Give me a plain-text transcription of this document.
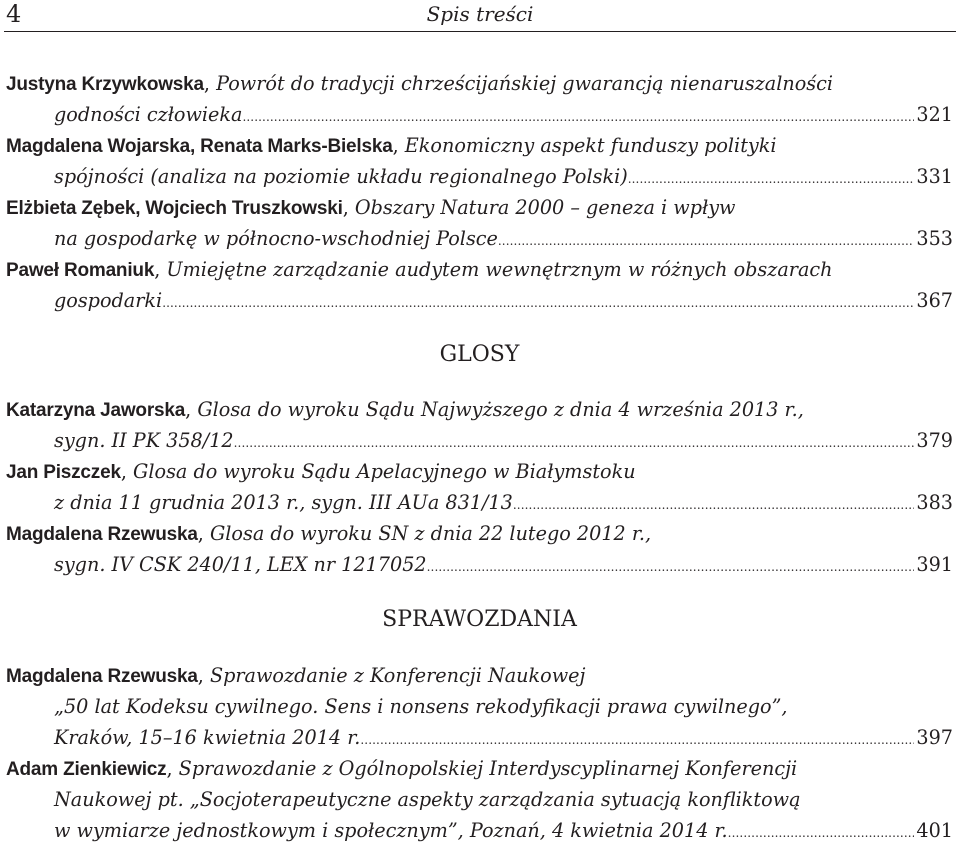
4	Spis treści
Justyna Krzywkowska, Powrót do tradycji chrześcijańskiej gwarancją nienaruszalności
godności człowieka .....	321
Magdalena Wojarska, Renata Marks-Bielska, Ekonomiczny aspekt funduszy polityki
spójności (analiza na poziomie układu regionalnego Polski) .....	331
Elżbieta Zębek, Wojciech Truszkowski, Obszary Natura 2000 – geneza i wpływ
na gospodarkę w północno-wschodniej Polsce .....	353
Paweł Romaniuk, Umiejętne zarządzanie audytem wewnętrznym w różnych obszarach
gospodarki .....	367
GLOSY
Katarzyna Jaworska, Glosa do wyroku Sądu Najwyższego z dnia 4 września 2013 r.,
sygn. II PK 358/12 .....	379
Jan Piszczek, Glosa do wyroku Sądu Apelacyjnego w Białymstoku
z dnia 11 grudnia 2013 r., sygn. III AUa 831/13 .....	383
Magdalena Rzewuska, Glosa do wyroku SN z dnia 22 lutego 2012 r.,
sygn. IV CSK 240/11, LEX nr 1217052 .....	391
SPRAWOZDANIA
Magdalena Rzewuska, Sprawozdanie z Konferencji Naukowej
„50 lat Kodeksu cywilnego. Sens i nonsens rekodyfikacji prawa cywilnego”,
Kraków, 15–16 kwietnia 2014 r. .....	397
Adam Zienkiewicz, Sprawozdanie z Ogólnopolskiej Interdyscyplinarnej Konferencji
Naukowej pt. „Socjoterapeutyczne aspekty zarządzania sytuacją konfliktową
w wymiarze jednostkowym i społecznym”, Poznań, 4 kwietnia 2014 r. .....	401
